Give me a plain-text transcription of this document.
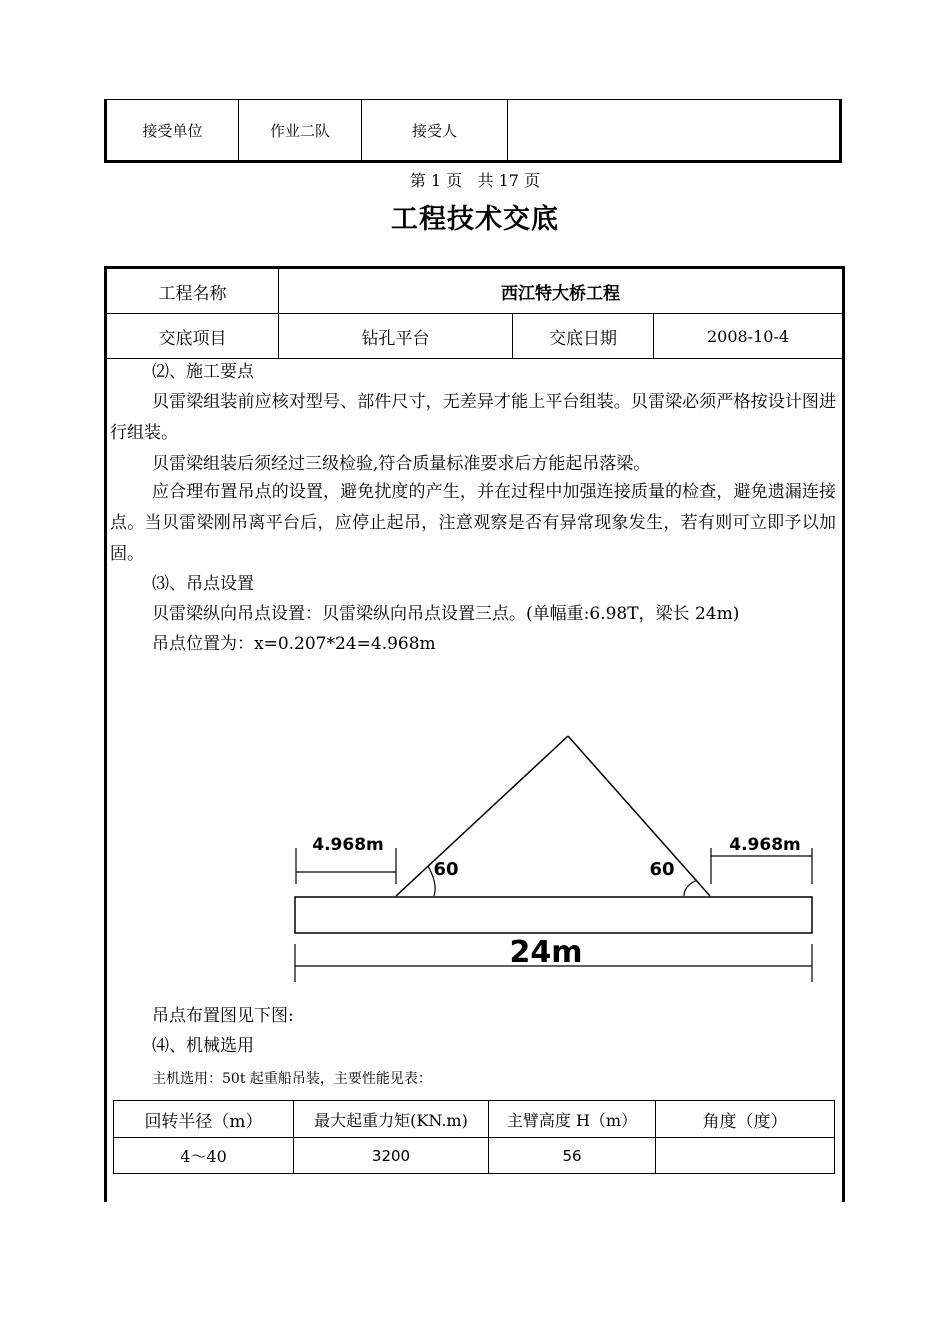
接受单位	作业二队	接受人
第 1 页   共 17 页
工程技术交底
工程名称	西江特大桥工程
交底项目	钻孔平台	交底日期	2008-10-4
⑵、施工要点
贝雷梁组装前应核对型号、部件尺寸，无差异才能上平台组装。贝雷梁必须严格按设计图进行组装。
贝雷梁组装后须经过三级检验,符合质量标准要求后方能起吊落梁。
应合理布置吊点的设置，避免扰度的产生，并在过程中加强连接质量的检查，避免遗漏连接点。当贝雷梁刚吊离平台后，应停止起吊，注意观察是否有异常现象发生，若有则可立即予以加固。
⑶、吊点设置
贝雷梁纵向吊点设置：贝雷梁纵向吊点设置三点。(单幅重:6.98T，梁长 24m)
吊点位置为：x=0.207*24=4.968m
4.968m	4.968m
60	60
24m
吊点布置图见下图:
⑷、机械选用
主机选用：50t 起重船吊装，主要性能见表：
回转半径（m）	最大起重力矩(KN.m)	主臂高度 H（m）	角度（度）
4～40	3200	56
